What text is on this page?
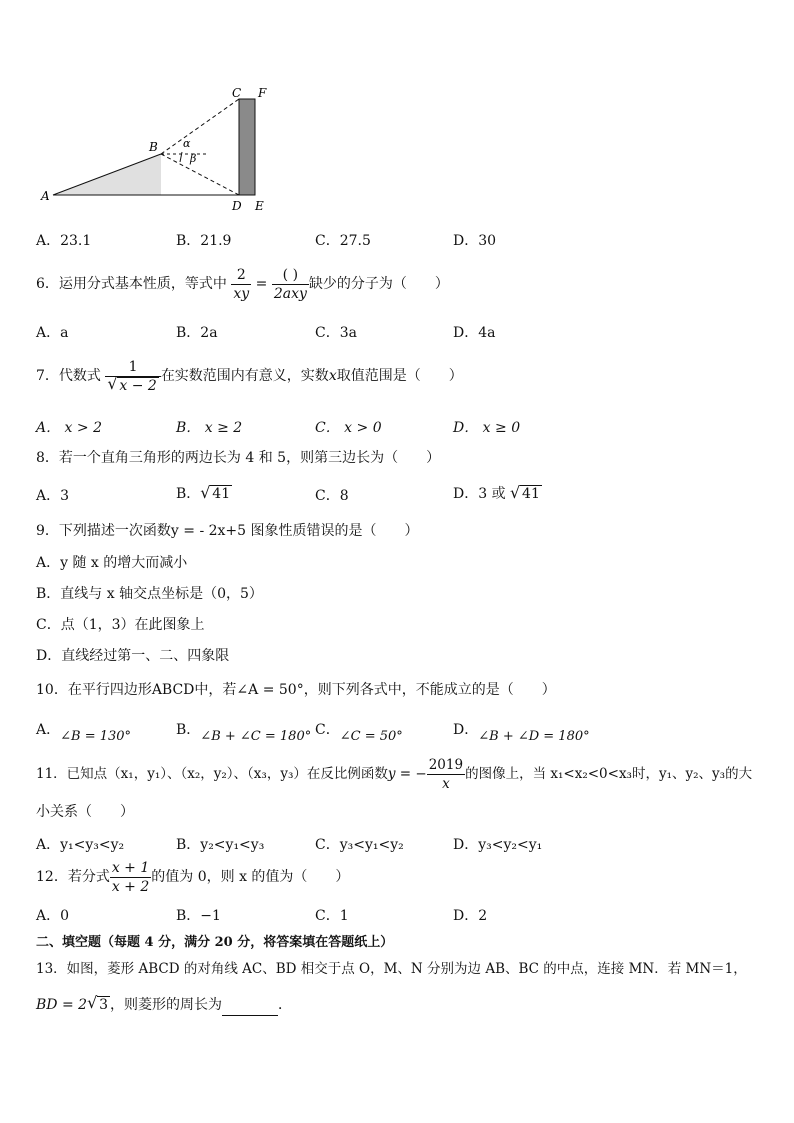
A
B
C F
D E
α
β
A．23.1	B．21.9	C．27.5	D．30
6．运用分式基本性质，等式中 $\frac{2}{xy} = \frac{( )}{\text{2axy}}$ 缺少的分子为（　　）
A．a	B．2a	C．3a	D．4a
7．代数式 $\frac{1}{√ x - 2}$ 在实数范围内有意义，实数x取值范围是（　　）
A． x > 2	B． x ≥ 2	C． x > 0	D． x ≥ 0
8．若一个直角三角形的两边长为 4 和 5，则第三边长为（　　）
A．3	B． √ 41	C．8	D．3 或 √ 41
9．下列描述一次函数y = - 2x+5 图象性质错误的是（　　）
A．y 随 x 的增大而减小
B．直线与 x 轴交点坐标是（0，5）
C．点（1，3）在此图象上
D．直线经过第一、二、四象限
10．在平行四边形ABCD中，若∠A = 50°，则下列各式中，不能成立的是（　　）
A．∠B = 130°	B．∠B + ∠C = 180° C．∠C = 50°	D．∠B + ∠D = 180°
11．已知点（x₁，y₁）、（x₂，y₂）、（x₃，y₃）在反比例函数y = − $\frac{2019}{x}$ 的图像上，当 x₁<x₂<0<x₃时，y₁、y₂、y₃的大
小关系（　　）
A．y₁<y₃<y₂	B．y₂<y₁<y₃	C．y₃<y₁<y₂	D．y₃<y₂<y₁
12．若分式 $\frac{x + 1}{x + 2}$ 的值为 0，则 x 的值为（　　）
A．0	B．−1	C．1	D．2
二、填空题（每题 4 分，满分 20 分，将答案填在答题纸上）
13．如图，菱形 ABCD 的对角线 AC、BD 相交于点 O，M、N 分别为边 AB、BC 的中点，连接 MN．若 MN＝1，
BD = 2 √ 3 ，则菱形的周长为	．
